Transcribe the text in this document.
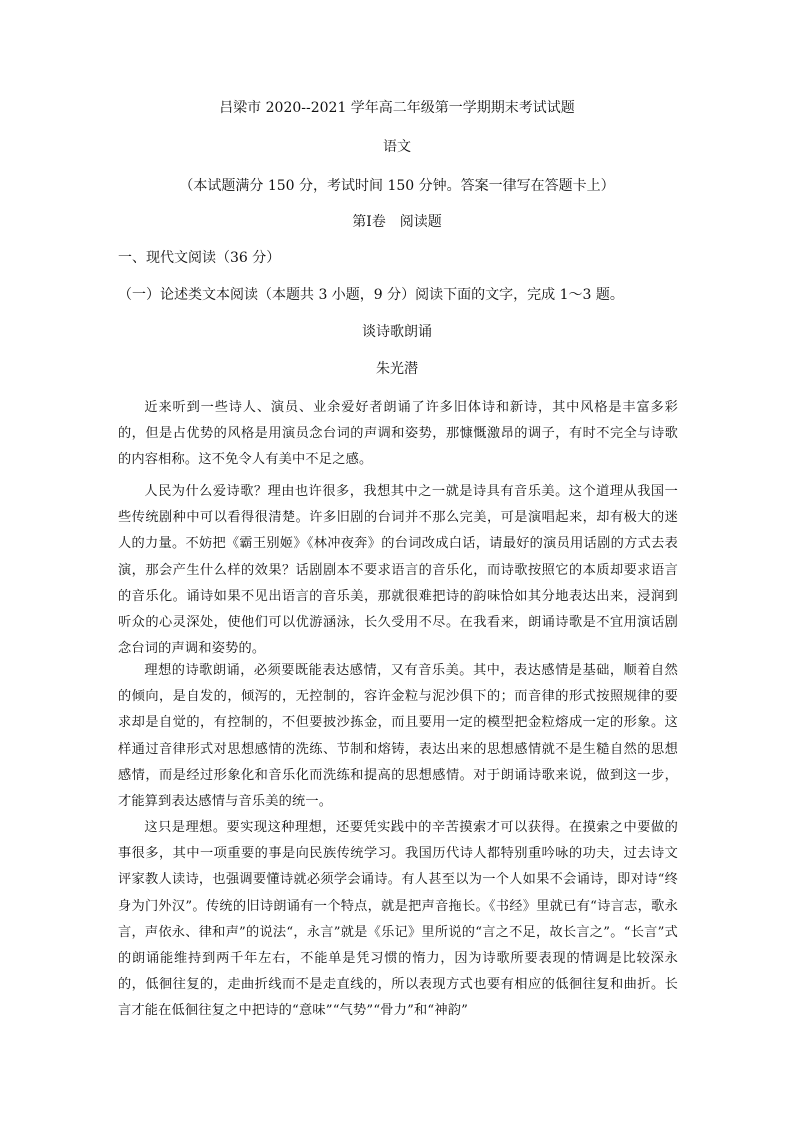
吕梁市 2020--2021 学年高二年级第一学期期末考试试题
语文
（本试题满分 150 分，考试时间 150 分钟。答案一律写在答题卡上）
第Ⅰ卷　阅读题
一、现代文阅读（36 分）
（一）论述类文本阅读（本题共 3 小题，9 分）阅读下面的文字，完成 1～3 题。
谈诗歌朗诵
朱光潜

近来听到一些诗人、演员、业余爱好者朗诵了许多旧体诗和新诗，其中风格是丰富多彩的，但是占优势的风格是用演员念台词的声调和姿势，那慷慨激昂的调子，有时不完全与诗歌的内容相称。这不免令人有美中不足之感。

人民为什么爱诗歌？理由也许很多，我想其中之一就是诗具有音乐美。这个道理从我国一些传统剧种中可以看得很清楚。许多旧剧的台词并不那么完美，可是演唱起来，却有极大的迷人的力量。不妨把《霸王别姬》《林冲夜奔》的台词改成白话，请最好的演员用话剧的方式去表演，那会产生什么样的效果？话剧剧本不要求语言的音乐化，而诗歌按照它的本质却要求语言的音乐化。诵诗如果不见出语言的音乐美，那就很难把诗的韵味恰如其分地表达出来，浸润到听众的心灵深处，使他们可以优游涵泳，长久受用不尽。在我看来，朗诵诗歌是不宜用演话剧念台词的声调和姿势的。

理想的诗歌朗诵，必须要既能表达感情，又有音乐美。其中，表达感情是基础，顺着自然的倾向，是自发的，倾泻的，无控制的，容许金粒与泥沙俱下的；而音律的形式按照规律的要求却是自觉的，有控制的，不但要披沙拣金，而且要用一定的模型把金粒熔成一定的形象。这样通过音律形式对思想感情的洗练、节制和熔铸，表达出来的思想感情就不是生糙自然的思想感情，而是经过形象化和音乐化而洗练和提高的思想感情。对于朗诵诗歌来说，做到这一步，才能算到表达感情与音乐美的统一。

这只是理想。要实现这种理想，还要凭实践中的辛苦摸索才可以获得。在摸索之中要做的事很多，其中一项重要的事是向民族传统学习。我国历代诗人都特别重吟咏的功夫，过去诗文评家教人读诗，也强调要懂诗就必须学会诵诗。有人甚至以为一个人如果不会诵诗，即对诗“终身为门外汉”。传统的旧诗朗诵有一个特点，就是把声音拖长。《书经》里就已有“诗言志，歌永言，声依永、律和声”的说法“，永言”就是《乐记》里所说的“言之不足，故长言之”。“长言”式的朗诵能维持到两千年左右，不能单是凭习惯的惰力，因为诗歌所要表现的情调是比较深永的，低徊往复的，走曲折线而不是走直线的，所以表现方式也要有相应的低徊往复和曲折。长言才能在低徊往复之中把诗的“意味”“气势”“骨力”和“神韵”
